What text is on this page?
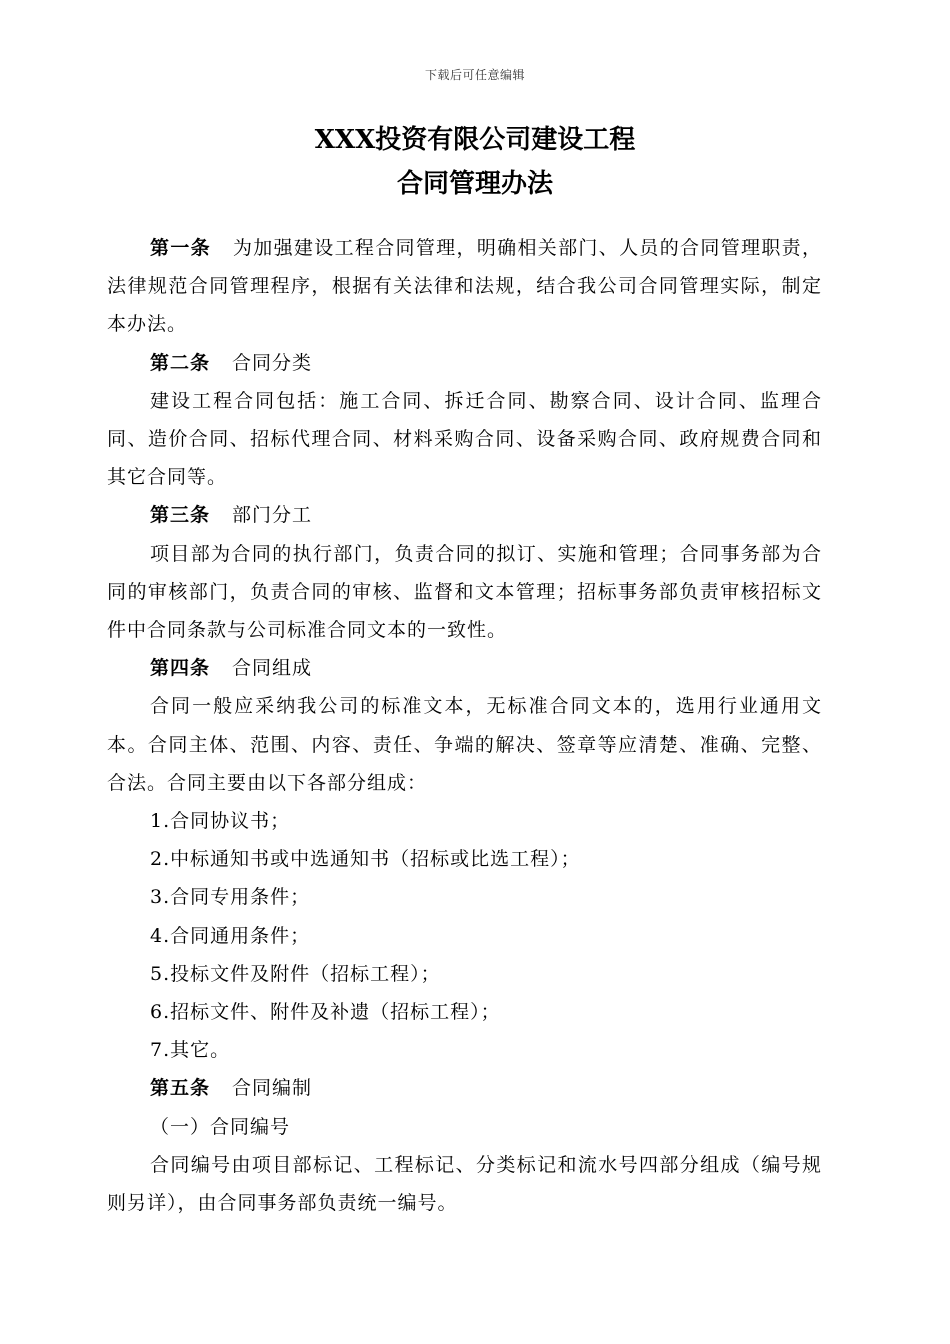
下载后可任意编辑
XXX投资有限公司建设工程
合同管理办法

第一条 为加强建设工程合同管理，明确相关部门、人员的合同管理职责，法律规范合同管理程序，根据有关法律和法规，结合我公司合同管理实际，制定本办法。

第二条 合同分类

建设工程合同包括：施工合同、拆迁合同、勘察合同、设计合同、监理合同、造价合同、招标代理合同、材料采购合同、设备采购合同、政府规费合同和其它合同等。

第三条 部门分工

项目部为合同的执行部门，负责合同的拟订、实施和管理；合同事务部为合同的审核部门，负责合同的审核、监督和文本管理；招标事务部负责审核招标文件中合同条款与公司标准合同文本的一致性。

第四条 合同组成

合同一般应采纳我公司的标准文本，无标准合同文本的，选用行业通用文本。合同主体、范围、内容、责任、争端的解决、签章等应清楚、准确、完整、合法。合同主要由以下各部分组成：

1.合同协议书；

2.中标通知书或中选通知书（招标或比选工程）；

3.合同专用条件；

4.合同通用条件；

5.投标文件及附件（招标工程）；

6.招标文件、附件及补遗（招标工程）；

7.其它。

第五条 合同编制

（一）合同编号

合同编号由项目部标记、工程标记、分类标记和流水号四部分组成（编号规则另详），由合同事务部负责统一编号。
